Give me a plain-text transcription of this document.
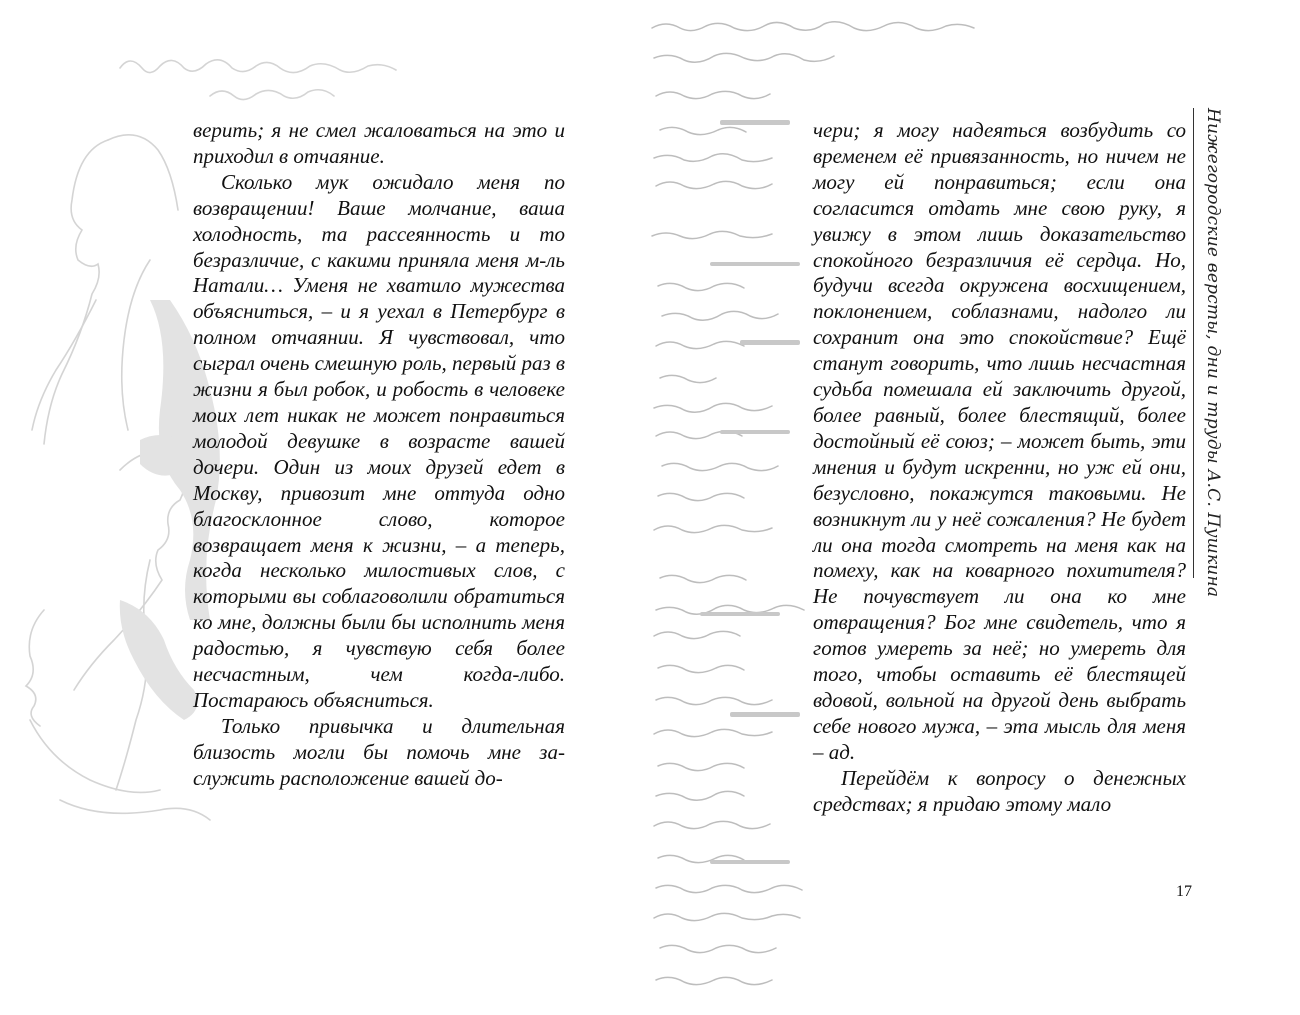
верить; я не смел жаловаться на это и приходил в отчаяние.

Сколько мук ожидало меня по возвращении! Ваше молчание, ваша холодность, та рассеянность и то безразличие, с какими приняла меня м-ль Натали… Уменя не хватило мужества объясниться, – и я уехал в Петербург в полном отчаянии. Я чувствовал, что сыграл очень смешную роль, первый раз в жизни я был робок, и робость в человеке моих лет никак не может понравиться молодой девушке в возрасте вашей дочери. Один из моих друзей едет в Москву, привозит мне оттуда одно благосклонное слово, которое возвращает меня к жизни, – а теперь, когда несколько милостивых слов, с которыми вы соблаговолили обратиться ко мне, должны были бы исполнить меня радостью, я чувствую себя более несчастным, чем когда-либо. Постараюсь объясниться.

Только привычка и длительная близость могли бы помочь мне заслужить расположение вашей до-

чери; я могу надеяться возбудить со временем её привязанность, но ничем не могу ей понравиться; если она согласится отдать мне свою руку, я увижу в этом лишь доказательство спокойного безразличия её сердца. Но, будучи всегда окружена восхищением, поклонением, соблазнами, надолго ли сохранит она это спокойствие? Ещё станут говорить, что лишь несчастная судьба помешала ей заключить другой, более равный, более блестящий, более достойный её союз; – может быть, эти мнения и будут искренни, но уж ей они, безусловно, покажутся таковыми. Не возникнут ли у неё сожаления? Не будет ли она тогда смотреть на меня как на помеху, как на коварного похитителя? Не почувствует ли она ко мне отвращения? Бог мне свидетель, что я готов умереть за неё; но умереть для того, чтобы оставить её блестящей вдовой, вольной на другой день выбрать себе нового мужа, – эта мысль для меня – ад.

Перейдём к вопросу о денежных средствах; я придаю этому мало

Нижегородские версты, дни и труды А.С. Пушкина
17
